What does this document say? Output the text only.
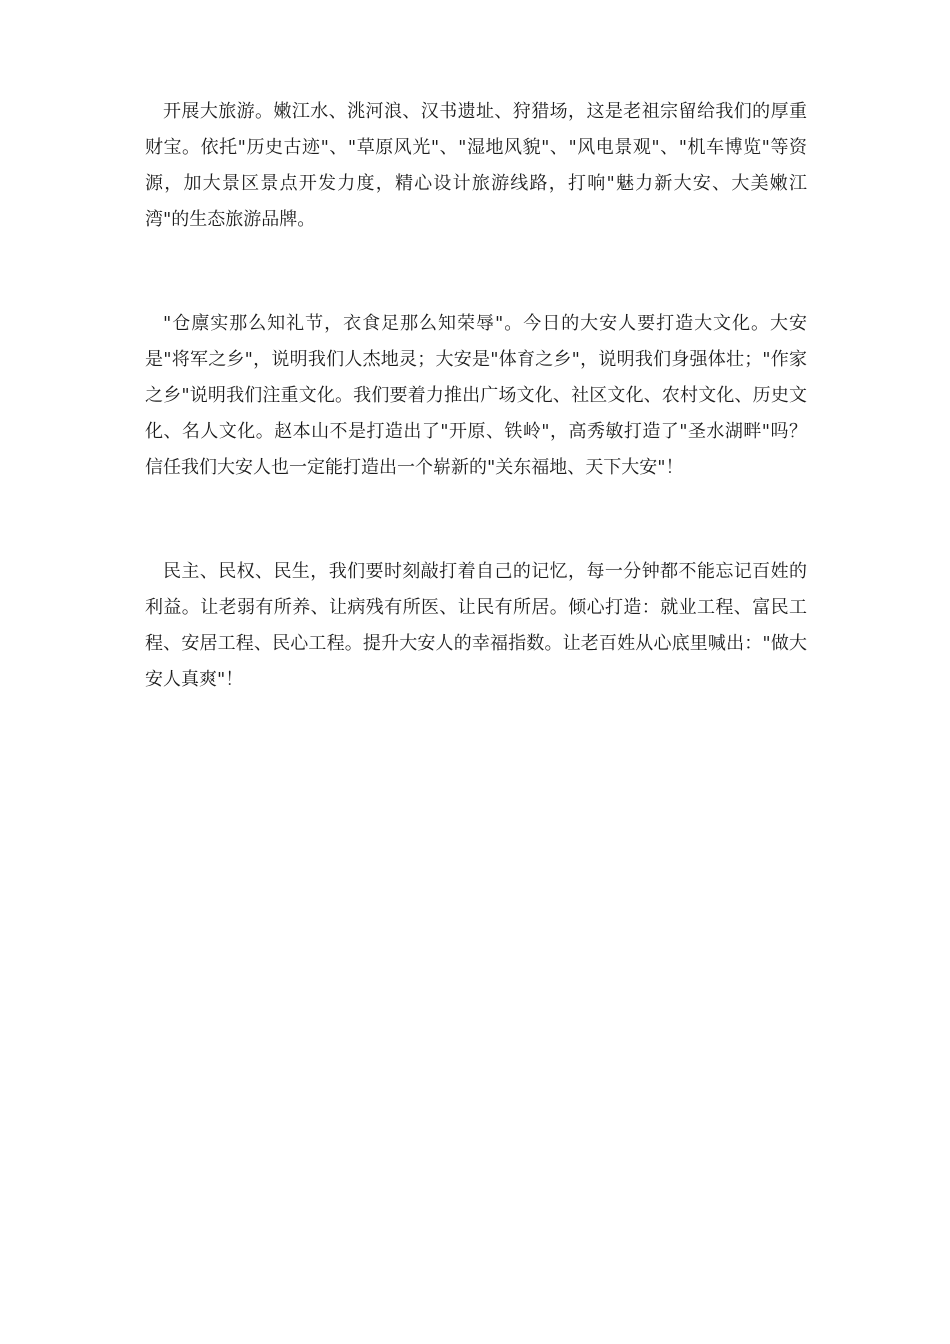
开展大旅游。嫩江水、洮河浪、汉书遗址、狩猎场，这是老祖宗留给我们的厚重财宝。依托"历史古迹"、"草原风光"、"湿地风貌"、"风电景观"、"机车博览"等资源，加大景区景点开发力度，精心设计旅游线路，打响"魅力新大安、大美嫩江湾"的生态旅游品牌。

"仓廪实那么知礼节，衣食足那么知荣辱"。今日的大安人要打造大文化。大安是"将军之乡"，说明我们人杰地灵；大安是"体育之乡"，说明我们身强体壮；"作家之乡"说明我们注重文化。我们要着力推出广场文化、社区文化、农村文化、历史文化、名人文化。赵本山不是打造出了"开原、铁岭"，高秀敏打造了"圣水湖畔"吗？信任我们大安人也一定能打造出一个崭新的"关东福地、天下大安"！

民主、民权、民生，我们要时刻敲打着自己的记忆，每一分钟都不能忘记百姓的利益。让老弱有所养、让病残有所医、让民有所居。倾心打造：就业工程、富民工程、安居工程、民心工程。提升大安人的幸福指数。让老百姓从心底里喊出："做大安人真爽"！
